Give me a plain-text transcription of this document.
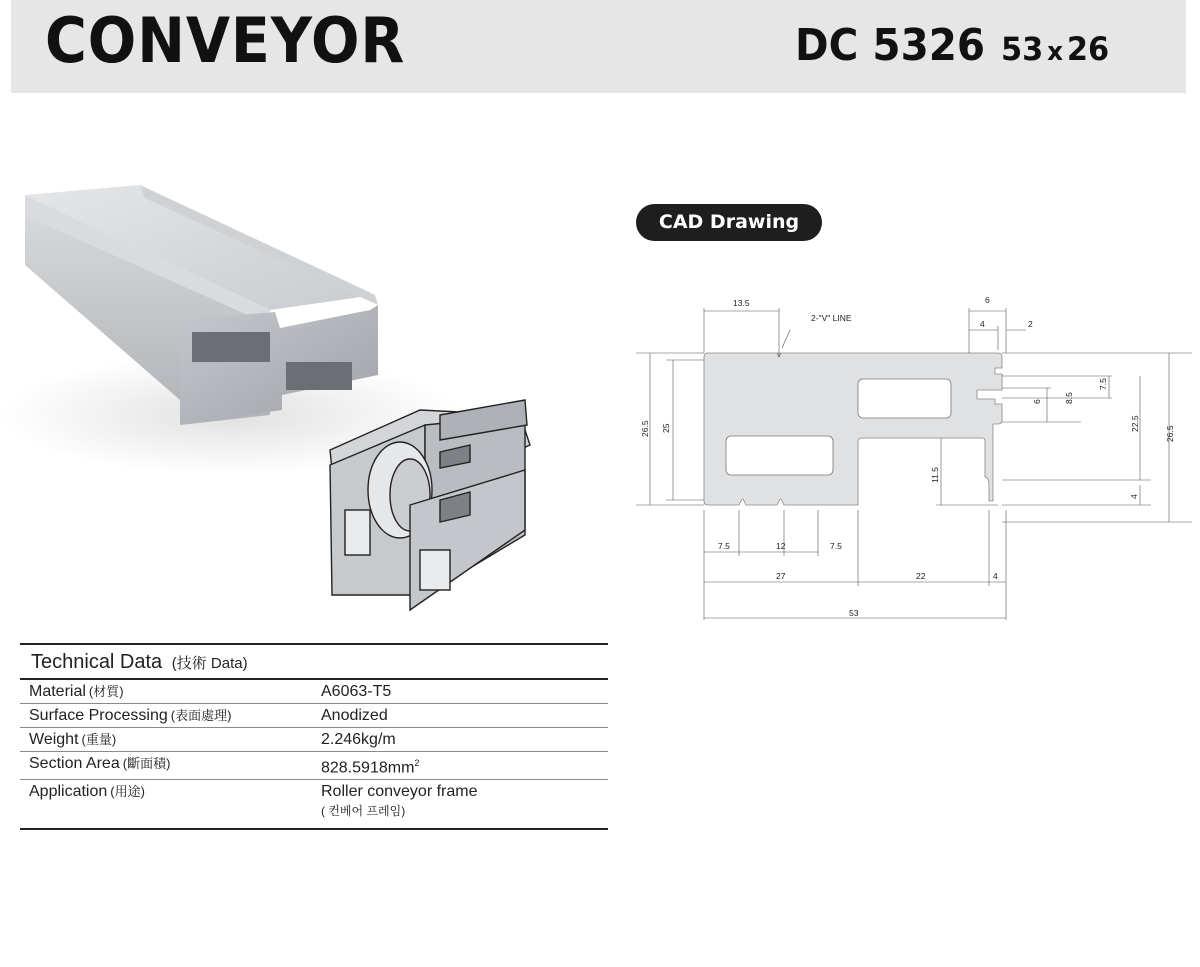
CONVEYOR	DC 5326 53 x 26
CAD Drawing
13.5	6
4	2
2-"V" LINE
26.5 25
7.5
6	8.5
22.5
26.5
11.5
4
7.5	12	7.5
27	22	4
53
Technical Data (技術 Data)
Material (材質)	A6063-T5
Surface Processing (表面處理)	Anodized
Weight (重量)	2.246kg/m
Section Area (斷面積)	$828.5918mm^2$
Application (用途)	Roller conveyor frame
( 컨베어 프레임)
